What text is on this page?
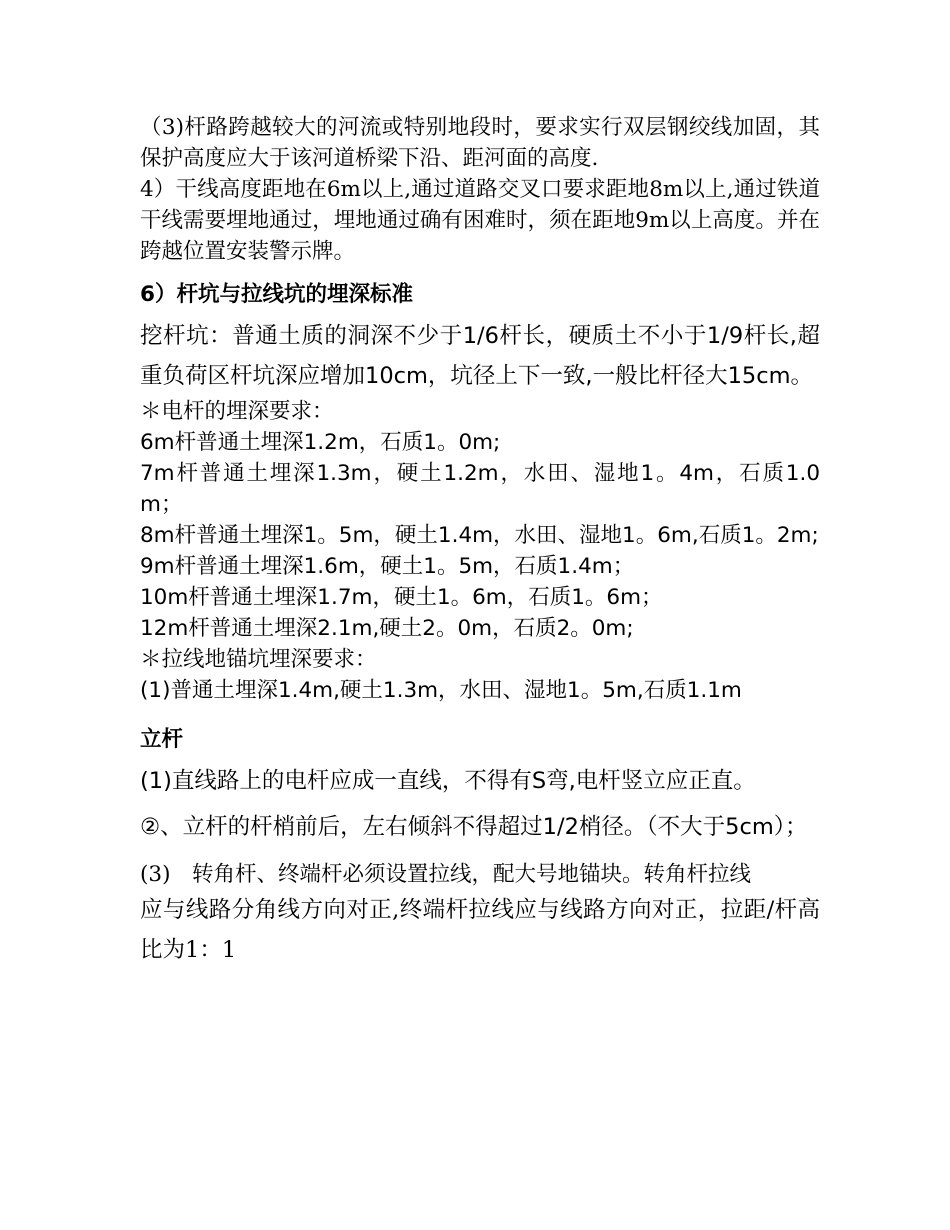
（3)杆路跨越较大的河流或特别地段时，要求实行双层钢绞线加固，其保护高度应大于该河道桥梁下沿、距河面的高度.

4）干线高度距地在6m以上,通过道路交叉口要求距地8m以上,通过铁道干线需要埋地通过，埋地通过确有困难时，须在距地9m以上高度。并在跨越位置安装警示牌。

6）杆坑与拉线坑的埋深标准

挖杆坑：普通土质的洞深不少于1/6杆长，硬质土不小于1/9杆长,超重负荷区杆坑深应增加10cm，坑径上下一致,一般比杆径大15cm。

＊电杆的埋深要求：

6m杆普通土埋深1.2m，石质1。0m;

7m杆普通土埋深1.3m，硬土1.2m，水田、湿地1。4m，石质1.0 m；

8m杆普通土埋深1。5m，硬土1.4m，水田、湿地1。6m,石质1。2m;

9m杆普通土埋深1.6m，硬土1。5m，石质1.4m；

10m杆普通土埋深1.7m，硬土1。6m，石质1。6m；

12m杆普通土埋深2.1m,硬土2。0m，石质2。0m;

＊拉线地锚坑埋深要求：

(1)普通土埋深1.4m,硬土1.3m，水田、湿地1。5m,石质1.1m

立杆

(1)直线路上的电杆应成一直线，不得有S弯,电杆竖立应正直。

②、立杆的杆梢前后，左右倾斜不得超过1/2梢径。（不大于5cm）；

(3)　转角杆、终端杆必须设置拉线，配大号地锚块。转角杆拉线

应与线路分角线方向对正,终端杆拉线应与线路方向对正，拉距/杆高比为1：1
